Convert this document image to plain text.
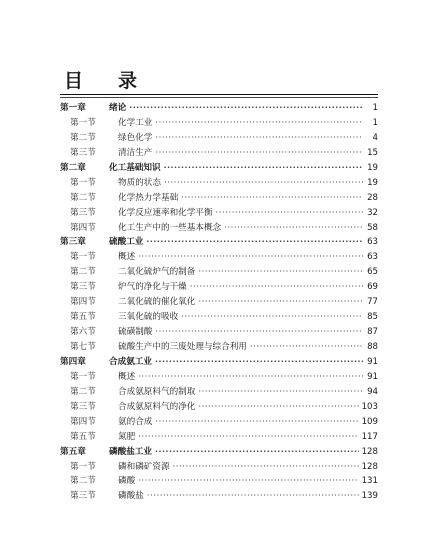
目 录
第一章	绪论 ·····	1
第一节	化学工业 ·····	1
第二节	绿色化学 ·····	4
第三节	清洁生产 ·····	15
第二章	化工基础知识 ·····	19
第一节	物质的状态 ·····	19
第二节	化学热力学基础 ·····	28
第三节	化学反应速率和化学平衡 ·····	32
第四节	化工生产中的一些基本概念 ·····	58
第三章	硫酸工业 ·····	63
第一节	概述 ·····	63
第二节	二氧化硫炉气的制备 ·····	65
第三节	炉气的净化与干燥 ·····	69
第四节	二氧化硫的催化氧化 ·····	77
第五节	三氧化硫的吸收 ·····	85
第六节	硫磺制酸 ·····	87
第七节	硫酸生产中的三废处理与综合利用 ·····	88
第四章	合成氨工业 ·····	91
第一节	概述 ·····	91
第二节	合成氨原料气的制取 ·····	94
第三节	合成氨原料气的净化 ·····	103
第四节	氨的合成 ·····	109
第五节	氮肥 ·····	117
第五章	磷酸盐工业 ·····	128
第一节	磷和磷矿资源 ·····	128
第二节	磷酸 ·····	131
第三节	磷酸盐 ·····	139
